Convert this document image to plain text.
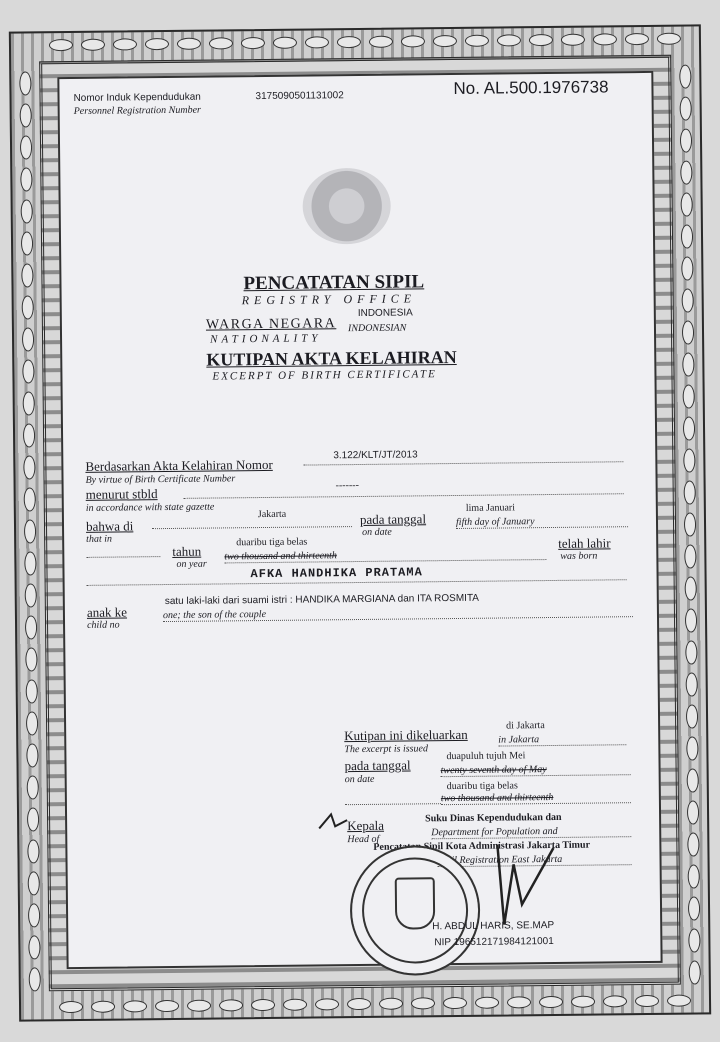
Nomor Induk Kependudukan
Personnel Registration Number
3175090501131002	No. AL.500.1976738
PENCATATAN SIPIL
REGISTRY OFFICE
WARGA NEGARA
NATIONALITY
INDONESIA
INDONESIAN
KUTIPAN AKTA KELAHIRAN
EXCERPT OF BIRTH CERTIFICATE
Berdasarkan Akta Kelahiran Nomor
By virtue of Birth Certificate Number
3.122/KLT/JT/2013
menurut stbld
in accordance with state gazette
-------
bahwa di
that in
Jakarta	pada tanggal
on date
lima Januari
fifth day of January
tahun
on year
duaribu tiga belas
two thousand and thirteenth
telah lahir
was born
AFKA HANDHIKA PRATAMA
anak ke
child no
satu laki-laki dari suami istri : HANDIKA MARGIANA dan ITA ROSMITA
one; the son of the couple
Kutipan ini dikeluarkan
The excerpt is issued
di Jakarta
in Jakarta
pada tanggal
on date
duapuluh tujuh Mei
twenty seventh day of May
duaribu tiga belas
two thousand and thirteenth
Kepala
Head of
Suku Dinas Kependudukan dan
Department for Population and
Pencatatan Sipil Kota Administrasi Jakarta Timur
Civil Registration East Jakarta
H. ABDUL HARIS, SE.MAP
NIP 196512171984121001
